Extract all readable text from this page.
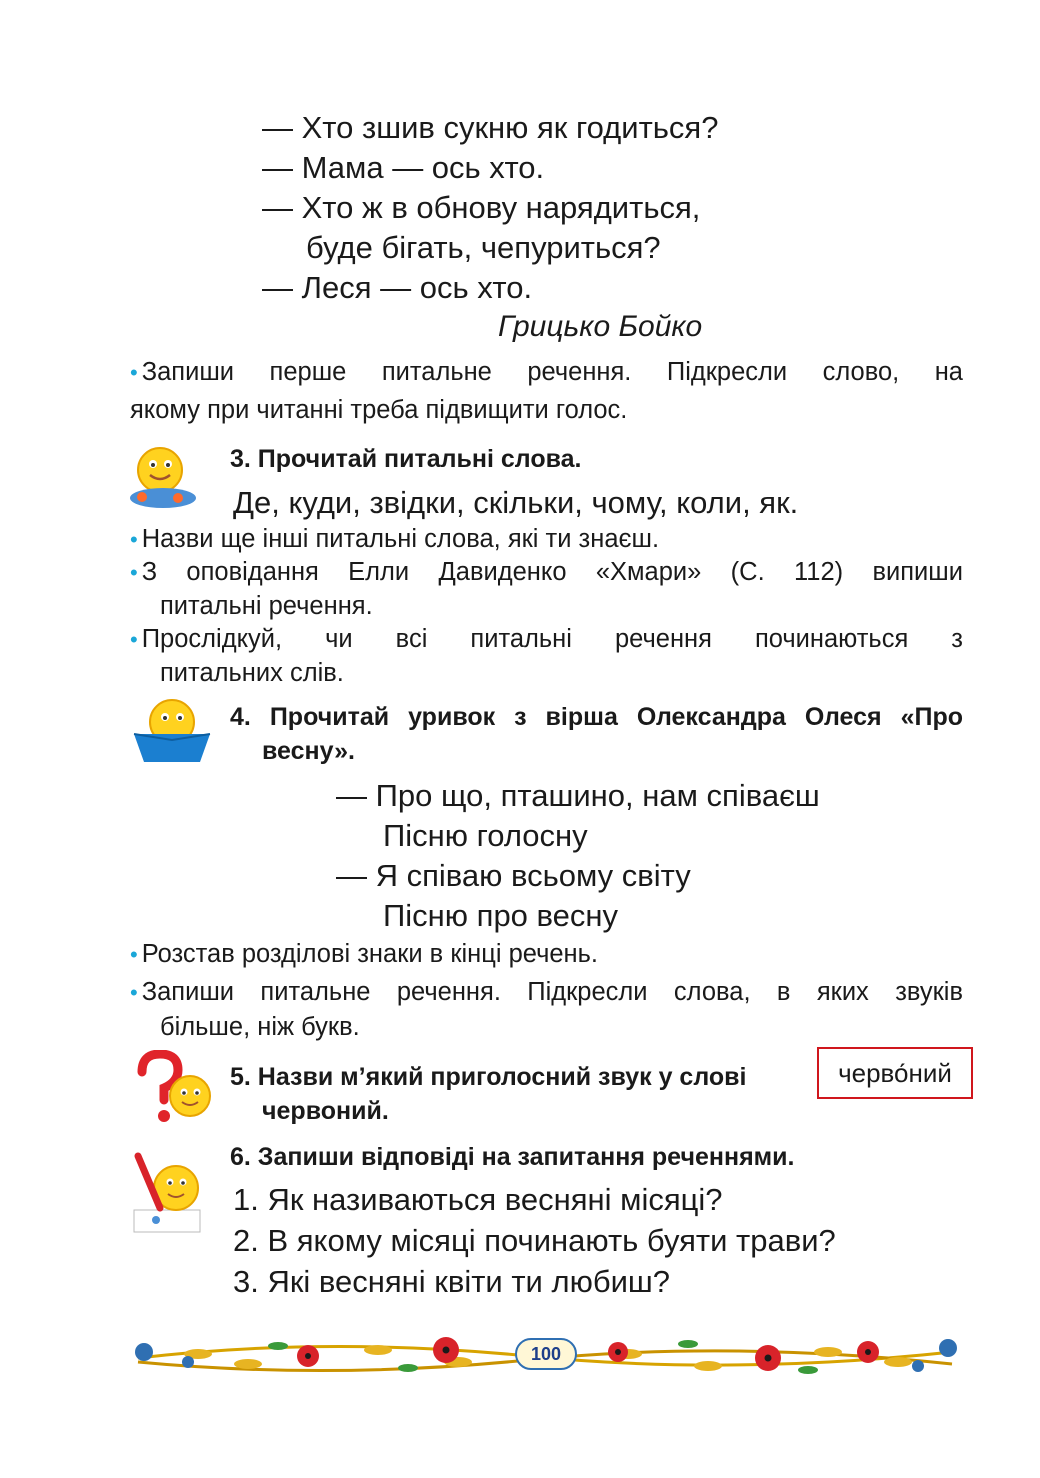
— Хто зшив сукню як годиться?
— Мама — ось хто.
— Хто ж в обнову нарядиться,
буде бігать, чепуриться?
— Леся — ось хто.
Грицько Бойко
• Запиши перше питальне речення. Підкресли слово, на
якому при читанні треба підвищити голос.
3. Прочитай питальні слова.
Де, куди, звідки, скільки, чому, коли, як.
• Назви ще інші питальні слова, які ти знаєш.
• З оповідання Елли Давиденко «Хмари» (С. 112) випиши
питальні речення.
• Прослідкуй, чи всі питальні речення починаються з
питальних слів.
4. Прочитай уривок з вірша Олександра Олеся «Про
весну».
— Про що, пташино, нам співаєш
Пісню голосну
— Я співаю всьому світу
Пісню про весну
• Розстав розділові знаки в кінці речень.
• Запиши питальне речення. Підкресли слова, в яких звуків
більше, ніж букв.
5. Назви м’який приголосний звук у слові
червоний.
черво́ний
6. Запиши відповіді на запитання реченнями.
1. Як називаються весняні місяці?
2. В якому місяці починають буяти трави?
3. Які весняні квіти ти любиш?
100
